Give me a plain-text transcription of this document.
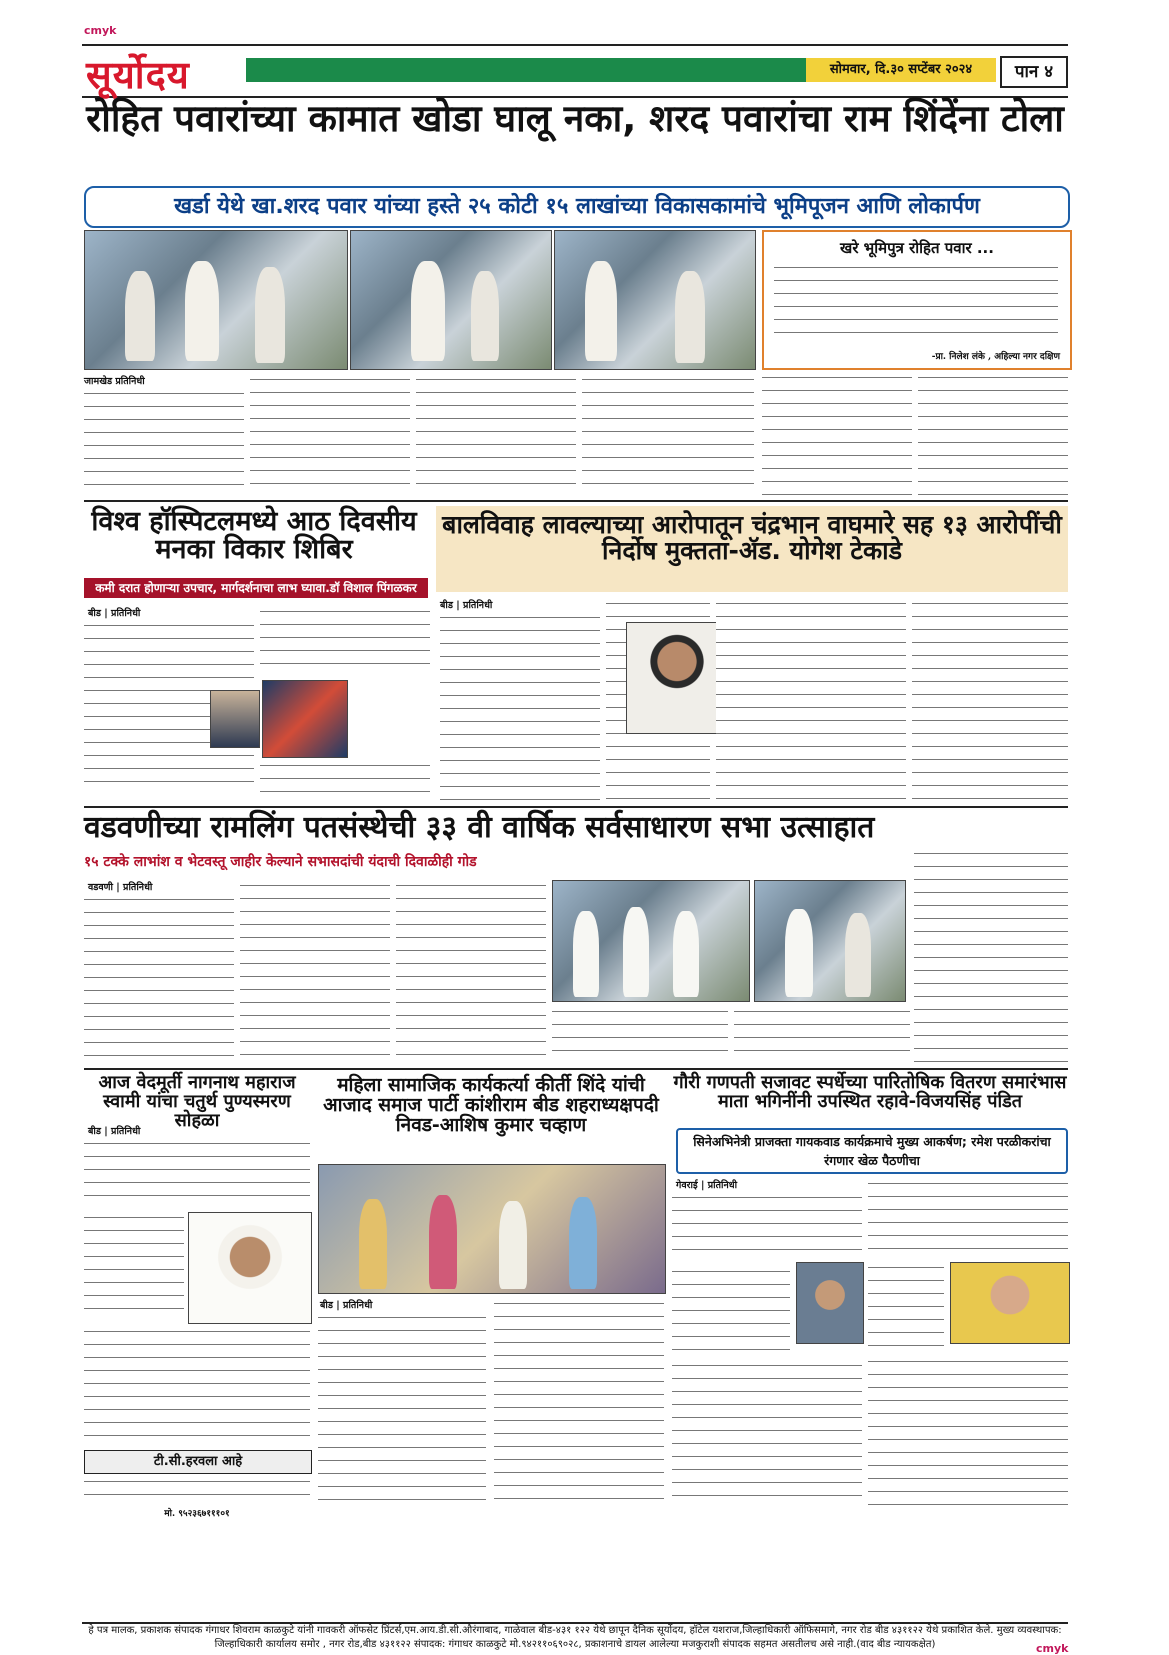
cmyk
सूर्योदय	सोमवार, दि.३० सप्टेंबर २०२४	पान ४
रोहित पवारांच्या कामात खोडा घालू नका, शरद पवारांचा राम शिंदेंना टोला
खर्डा येथे खा.शरद पवार यांच्या हस्ते २५ कोटी १५ लाखांच्या विकासकामांचे भूमिपूजन आणि लोकार्पण
खरे भूमिपुत्र रोहित पवार ...
-प्रा. निलेश लंके , अहिल्या नगर दक्षिण
जामखेड प्रतिनिधी
विश्व हॉस्पिटलमध्ये आठ दिवसीय मनका विकार शिबिर
कमी दरात होणाऱ्या उपचार, मार्गदर्शनाचा लाभ घ्यावा.डॉ विशाल पिंगळकर
बीड | प्रतिनिधी
बालविवाह लावल्याच्या आरोपातून चंद्रभान वाघमारे सह १३ आरोपींची निर्दोष मुक्तता-ॲड. योगेश टेकाडे
बीड | प्रतिनिधी
वडवणीच्या रामलिंग पतसंस्थेची ३३ वी वार्षिक सर्वसाधारण सभा उत्साहात
१५ टक्के लाभांश व भेटवस्तू जाहीर केल्याने सभासदांची यंदाची दिवाळीही गोड
वडवणी | प्रतिनिधी
आज वेदमूर्ती नागनाथ महाराज स्वामी यांचा चतुर्थ पुण्यस्मरण सोहळा
बीड | प्रतिनिधी
टी.सी.हरवला आहे
मो. ९५२३६७१११०१
महिला सामाजिक कार्यकर्त्या कीर्ती शिंदे यांची आजाद समाज पार्टी कांशीराम बीड शहराध्यक्षपदी निवड-आशिष कुमार चव्हाण
बीड | प्रतिनिधी
गौरी गणपती सजावट स्पर्धेच्या पारितोषिक वितरण समारंभास माता भगिनींनी उपस्थित रहावे-विजयसिंह पंडित
सिनेअभिनेत्री प्राजक्ता गायकवाड कार्यक्रमाचे मुख्य आकर्षण; रमेश परळीकरांचा रंगणार खेळ पैठणीचा
गेवराई | प्रतिनिधी
हे पत्र मालक, प्रकाशक संपादक गंगाधर शिवराम काळकुटे यांनी गावकरी ऑफसेट प्रिंटर्स,एम.आय.डी.सी.औरंगाबाद, गाळेवाल बीड-४३१ १२२ येथे छापून दैनिक सूर्योदय, हॉटेल यशराज,जिल्हाधिकारी ऑफिसमागे, नगर रोड बीड ४३११२२ येथे प्रकाशित केले. मुख्य व्यवस्थापक: जिल्हाधिकारी कार्यालय समोर , नगर रोड,बीड ४३११२२ संपादक: गंगाधर काळकुटे मो.९४२११०६९०२८, प्रकाशनाचे डायल आलेल्या मजकुराशी संपादक सहमत असतीलच असे नाही.(वाद बीड न्यायकक्षेत)	cmyk
